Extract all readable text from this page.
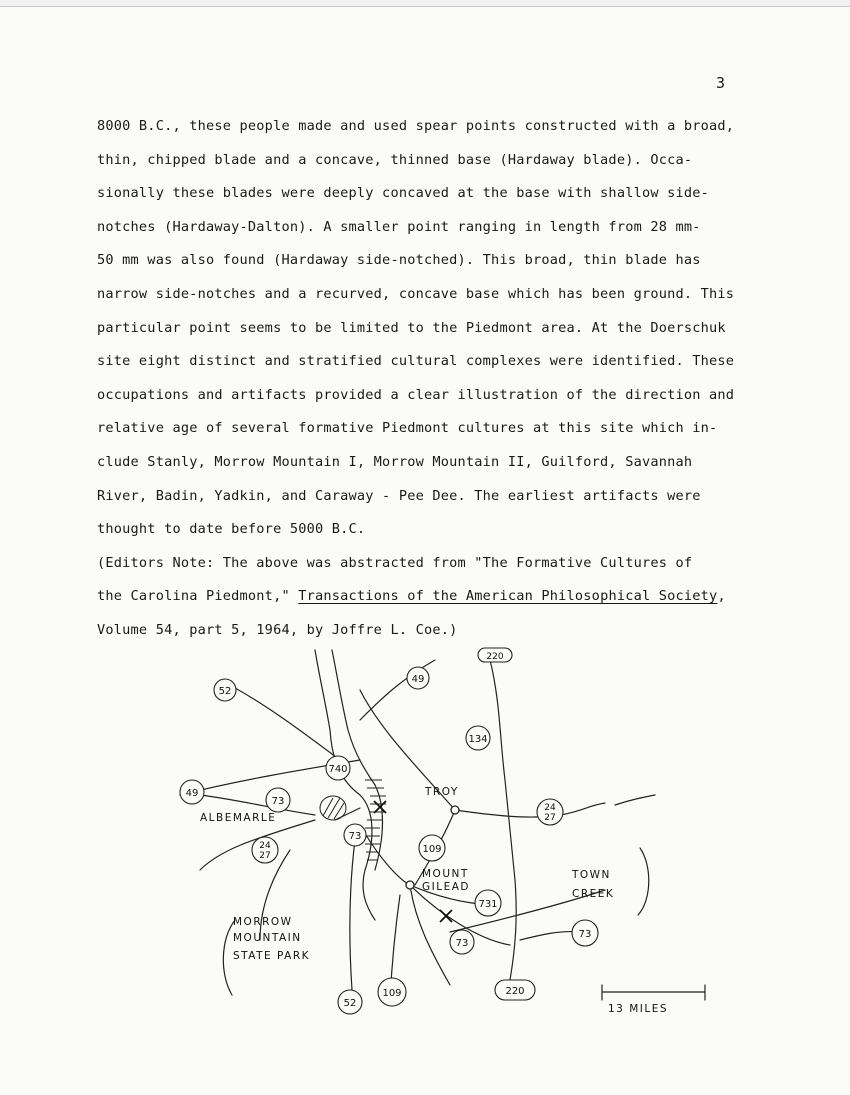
3
8000 B.C., these people made and used spear points constructed with a broad,
thin, chipped blade and a concave, thinned base (Hardaway blade). Occa-
sionally these blades were deeply concaved at the base with shallow side-
notches (Hardaway-Dalton). A smaller point ranging in length from 28 mm-
50 mm was also found (Hardaway side-notched). This broad, thin blade has
narrow side-notches and a recurved, concave base which has been ground. This
particular point seems to be limited to the Piedmont area. At the Doerschuk
site eight distinct and stratified cultural complexes were identified. These
occupations and artifacts provided a clear illustration of the direction and
relative age of several formative Piedmont cultures at this site which in-
clude Stanly, Morrow Mountain I, Morrow Mountain II, Guilford, Savannah
River, Badin, Yadkin, and Caraway - Pee Dee. The earliest artifacts were
thought to date before 5000 B.C.
(Editors Note: The above was abstracted from "The Formative Cultures of
the Carolina Piedmont," Transactions of the American Philosophical Society,
Volume 54, part 5, 1964, by Joffre L. Coe.)
52
49
220
134
740
49
73
73
24
27
24
27
109
731
73
73
52
109	220
ALBEMARLE
TROY
MOUNT
GILEAD
TOWN
CREEK
MORROW
MOUNTAIN
STATE PARK
13 MILES
